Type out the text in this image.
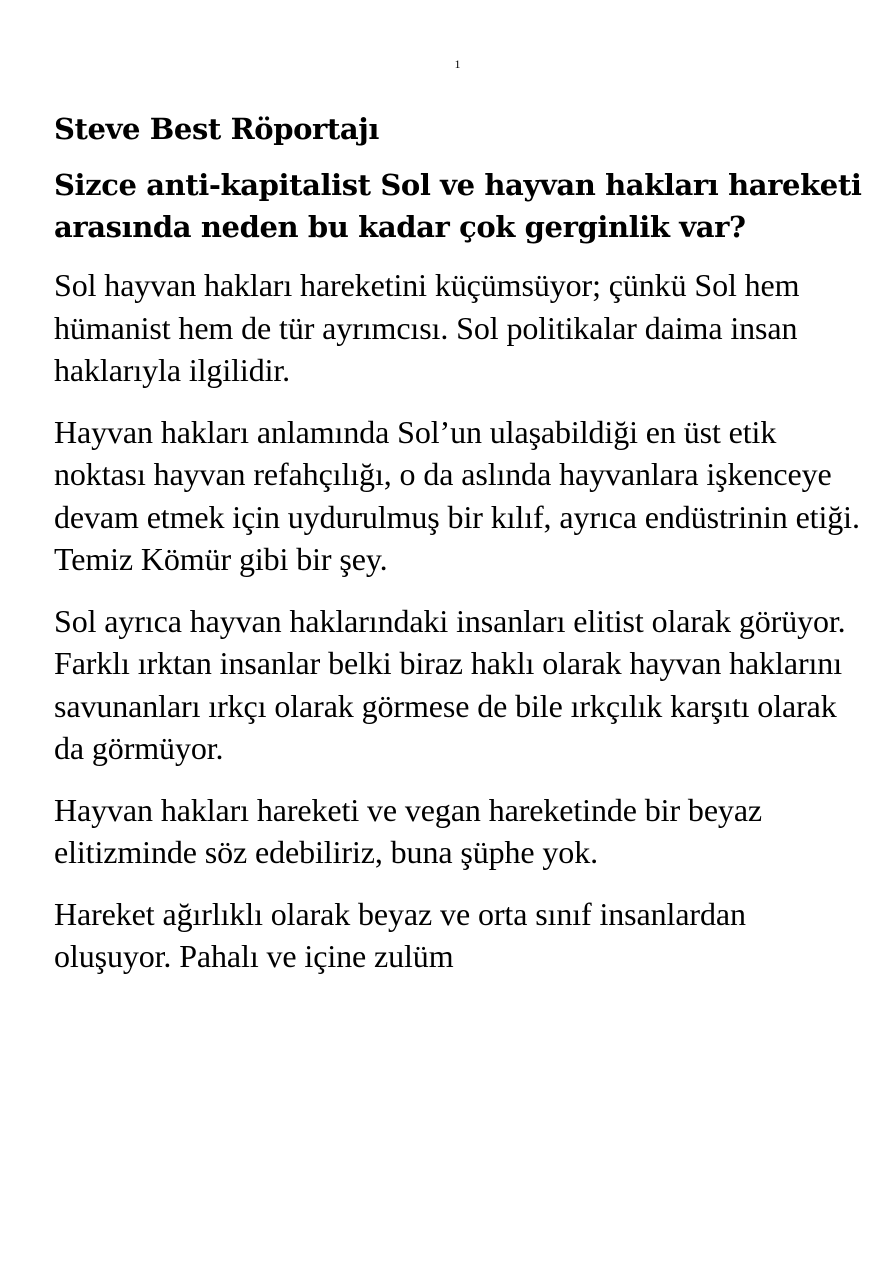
1
Steve Best Röportajı
Sizce anti-kapitalist Sol ve hayvan hakları hareketi arasında neden bu kadar çok gerginlik var?

Sol hayvan hakları hareketini küçümsüyor; çünkü Sol hem hümanist hem de tür ayrımcısı. Sol politikalar daima insan haklarıyla ilgilidir.

Hayvan hakları anlamında Sol’un ulaşabildiği en üst etik noktası hayvan refahçılığı, o da aslında hayvanlara işkenceye devam etmek için uydurulmuş bir kılıf, ayrıca endüstrinin etiği. Temiz Kömür gibi bir şey.

Sol ayrıca hayvan haklarındaki insanları elitist olarak görüyor. Farklı ırktan insanlar belki biraz haklı olarak hayvan haklarını savunanları ırkçı olarak görmese de bile ırkçılık karşıtı olarak da görmüyor.

Hayvan hakları hareketi ve vegan hareketinde bir beyaz elitizminde söz edebiliriz, buna şüphe yok.

Hareket ağırlıklı olarak beyaz ve orta sınıf insanlardan oluşuyor. Pahalı ve içine zulüm
